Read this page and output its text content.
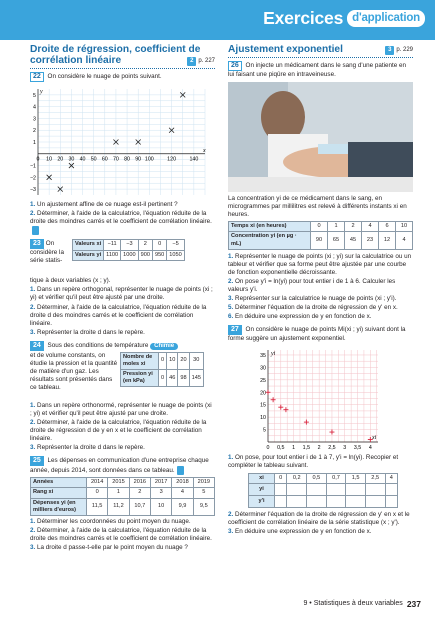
Exercices d'application
Droite de régression, coefficient de corrélation linéaire	2 p. 227
22 On considère le nuage de points suivant.
0 10 20 30 40 50 60 70 80 90 100	120	140
−3
−2
−1
1
2
3
4
5
x
y
1. Un ajustement affine de ce nuage est-il pertinent ?
2. Déterminer, à l'aide de la calculatrice, l'équation réduite de la droite des moindres carrés et le coefficient de corrélation linéaire.
23 On
considère la
série statis-
Valeurs xi	−11	−3	2	0	−5
Valeurs yi	1100	1000	900	950	1050
tique à deux variables (x ; y).
1. Dans un repère orthogonal, représenter le nuage de points (xi ; yi) et vérifier qu'il peut être ajusté par une droite.
2. Déterminer, à l'aide de la calculatrice, l'équation réduite de la droite d des moindres carrés et le coefficient de corrélation linéaire.
3. Représenter la droite d dans le repère.
24 Sous des conditions de température Chimie
et de volume constants, on étudie la pression et la quantité de matière d'un gaz. Les résultats sont présentés dans ce tableau.
Nombre de moles xi	0	10	20	30
Pression yi (en kPa)	0	46	98	145
1. Dans un repère orthonormé, représenter le nuage de points (xi ; yi) et vérifier qu'il peut être ajusté par une droite.
2. Déterminer, à l'aide de la calculatrice, l'équation réduite de la droite de régression d de y en x et le coefficient de corrélation linéaire.
3. Représenter la droite d dans le repère.
25 Les dépenses en communication d'une entreprise chaque année, depuis 2014, sont données dans ce tableau.
Années	2014	2015	2016	2017	2018	2019
Rang xi	0	1	2	3	4	5
Dépenses yi (en milliers d'euros)	11,5	11,2	10,7	10	9,9	9,5
1. Déterminer les coordonnées du point moyen du nuage.
2. Déterminer, à l'aide de la calculatrice, l'équation réduite de la droite des moindres carrés et le coefficient de corrélation linéaire.
3. La droite d passe-t-elle par le point moyen du nuage ?
Ajustement exponentiel	3 p. 229
26 On injecte un médicament dans le sang d'une patiente en lui faisant une piqûre en intraveineuse.
La concentration yi de ce médicament dans le sang, en microgrammes par millilitres est relevé à différents instants xi en heures.
Temps xi (en heures)	0	1	2	4	6	10
Concentration yi (en µg · mL)	90	65	45	23	12	4
1. Représenter le nuage de points (xi ; yi) sur la calculatrice ou un tableur et vérifier que sa forme peut être ajustée par une courbe de fonction exponentielle décroissante.
2. On pose y'i = ln(yi) pour tout entier i de 1 à 6. Calculer les valeurs y'i.
3. Représenter sur la calculatrice le nuage de points (xi ; y'i).
5. Déterminer l'équation de la droite de régression de y' en x.
6. En déduire une expression de y en fonction de x.
27 On considère le nuage de points Mi(xi ; yi) suivant dont la forme suggère un ajustement exponentiel.
0 0,5 1 1,5 2 2,5 3 3,5 4
5
10
15
20
25
30
35
xi
yi
1. On pose, pour tout entier i de 1 à 7, y'i = ln(yi). Recopier et compléter le tableau suivant.
xi	0	0,2	0,5	0,7	1,5	2,5	4
yi							
y'i							
2. Déterminer l'équation de la droite de régression de y' en x et le coefficient de corrélation linéaire de la série statistique (x ; y').
3. En déduire une expression de y en fonction de x.
9 • Statistiques à deux variables 237
